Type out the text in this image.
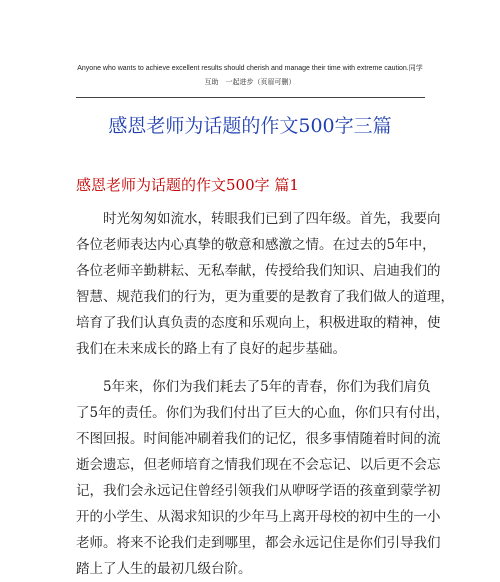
Anyone who wants to achieve excellent results should cherish and manage their time with extreme caution.同学
互助　一起进步（页眉可删）
感恩老师为话题的作文500字三篇
感恩老师为话题的作文500字 篇1
时光匆匆如流水，转眼我们已到了四年级。首先，我要向
各位老师表达内心真挚的敬意和感激之情。在过去的5年中，
各位老师辛勤耕耘、无私奉献，传授给我们知识、启迪我们的
智慧、规范我们的行为，更为重要的是教育了我们做人的道理，
培育了我们认真负责的态度和乐观向上，积极进取的精神，使
我们在未来成长的路上有了良好的起步基础。
5年来，你们为我们耗去了5年的青春，你们为我们肩负
了5年的责任。你们为我们付出了巨大的心血，你们只有付出，
不图回报。时间能冲刷着我们的记忆，很多事情随着时间的流
逝会遗忘，但老师培育之情我们现在不会忘记、以后更不会忘
记，我们会永远记住曾经引领我们从咿呀学语的孩童到蒙学初
开的小学生、从渴求知识的少年马上离开母校的初中生的一小
老师。将来不论我们走到哪里，都会永远记住是你们引导我们
踏上了人生的最初几级台阶。
